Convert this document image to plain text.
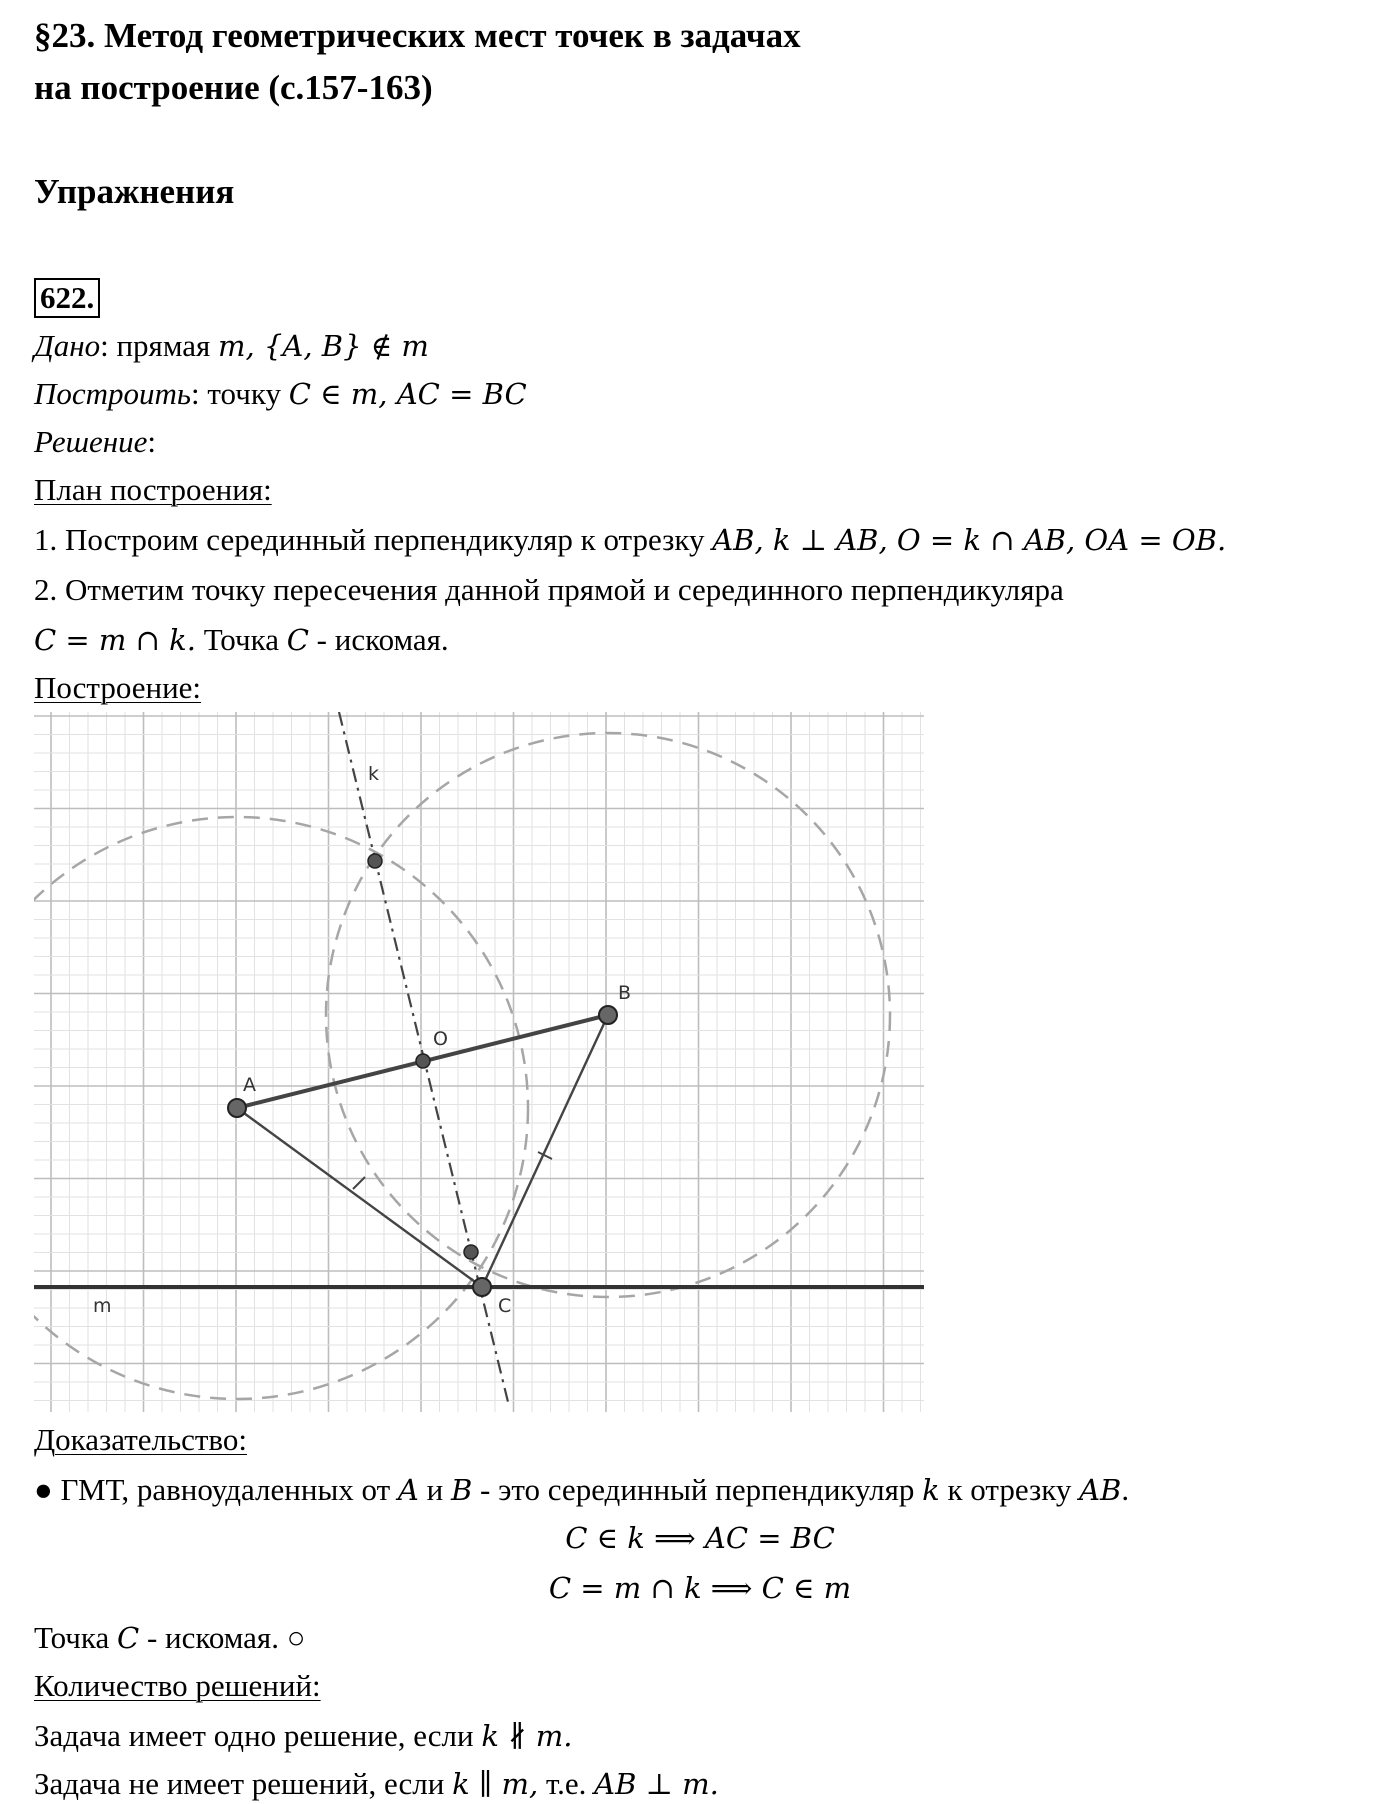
§23. Метод геометрических мест точек в задачах
на построение (с.157-163)
Упражнения
622.
Дано: прямая m, {A, B} ∉ m
Построить: точку C ∈ m, AC = BC
Решение:
План построения:
1. Построим серединный перпендикуляр к отрезку AB, k ⊥ AB, O = k ∩ AB, OA = OB.
2. Отметим точку пересечения данной прямой и серединного перпендикуляра
C = m ∩ k. Точка C - искомая.
Построение:
A
B
O
C
k
m
Доказательство:
● ГМТ, равноудаленных от A и B - это серединный перпендикуляр k к отрезку AB.
C ∈ k ⟹ AC = BC
C = m ∩ k ⟹ C ∈ m
Точка C - искомая. ○
Количество решений:
Задача имеет одно решение, если k ∦ m.
Задача не имеет решений, если k ∥ m, т.е. AB ⊥ m.
